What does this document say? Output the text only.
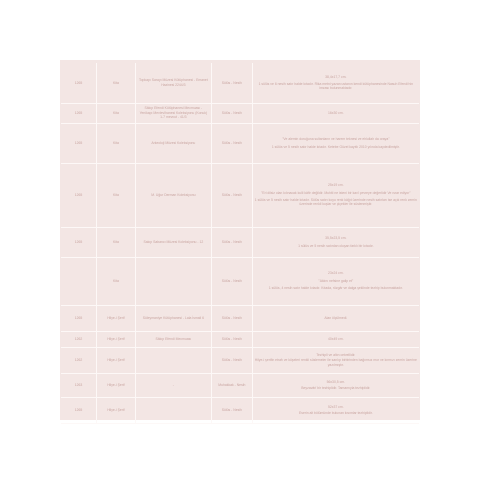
1265	Kita	Topkapı Sarayı Müzesi Kütüphanesi - Emanet Hazinesi 2244/3	Sülüs - Nesih	38,4x17,7 cm.
1 sülüs ve 6 nesih satır halde kıtadır. Rika metni yazan ustanın kendi kütüphanesinde Nasuh Efendi'nin imzası bulunmaktadır.

1265	Kita	Sâkıp Efendi Kütüphanesi Mecmuası - Yenikapı Mevlevîhanesi Koleksiyonu (Konuk) 1-7 mevcut - 41/3	Sülüs - Nesih	16x30 cm.

1265	Kita	Arkeoloji Müzesi Koleksiyonu	Sülüs - Nesih	"Ve alemin doruğuna sultanların ve harem teknesi ve ehlullah da oraya"
1 sülüs ve 5 nesih satır halde kıtadır. Ketebe Güzel kayıtlı 2010 yılında kaydedilmiştir.

1265	Kita	M. Uğur Derman Koleksiyonu	Sülüs - Nesih	25x19 cm.
"Eri dilsiz olan kılınacak kulli kâfir değildir. Muhiti ne isteni bir kavî çevreye değerlidir Ve ısrar ediyor"
1 sülüs ve 5 nesih satır halde kıtadır. Sülüs satırı koyu renk kâğıt üzerinde nesih satırları ise açık renk zemin üzerinde renkli kuşlar ve çiçekler ile süslenmiştir.

1265	Kita	Sakıp Sabancı Müzesi Koleksiyonu - 12	Sülüs - Nesih	35,5x23,5 cm.
1 sülüs ve 5 nesih satırdan oluşan farklı bir kıtadır.

	Kita		Sülüs - Nesih	23x24 cm.
"Aklını nefsine galip et"
1 sülüs, 4 nesih satır halde kıtadır. Kıtada, rüzgâr ve dalga şeklinde tezhip bulunmaktadır.

1265	Hilye-i Şerif	Süleymaniye Kütüphanesi - Lala İsmail 6	Sülüs - Nesih	Alan ölçülmedi.

1262	Hilye-i Şerif	Sâkıp Efendi Mecmuası	Sülüs - Nesih	40x49 cm.

1262	Hilye-i Şerif		Sülüs - Nesih	Tezhipli ve altın cetvellidir.
Hilye-i şerifin etrafı ve köşeleri renkli süslemeler ile sarılıp birbirinden bağımsız mor ve kırmızı zemin üzerine yazılmıştır.

1263	Hilye-i Şerif	-	Muhakkak - Nesih	56x30,5 cm.
Beyzavârî bir tezhiplidir. Tamamıyla tezhiplidir.

1265	Hilye-i Şerif		Sülüs - Nesih	52x37 cm.
Eserin alt bölümünde bulunan kısımlar tezhiplidir.
